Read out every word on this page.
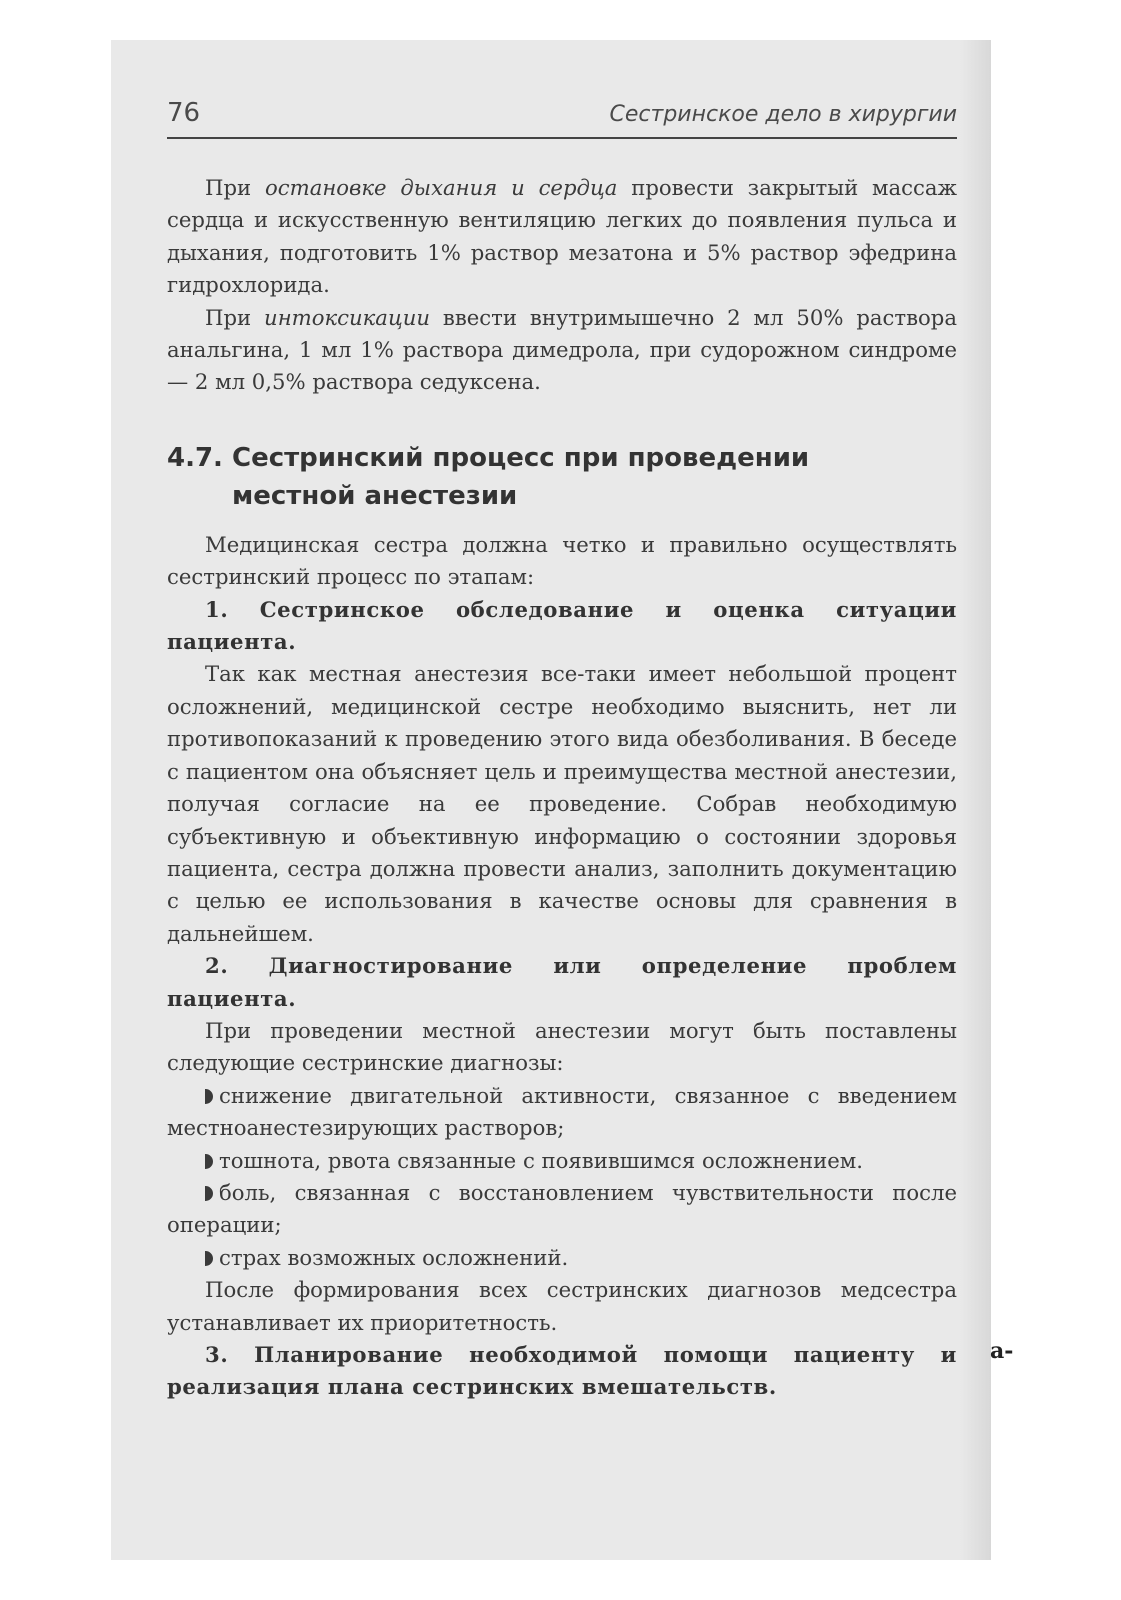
76	Сестринское дело в хирургии

При остановке дыхания и сердца провести закрытый массаж сердца и искусственную вентиляцию легких до появления пульса и дыхания, подготовить 1% раствор мезатона и 5% раствор эфедрина гидрохлорида.

При интоксикации ввести внутримышечно 2 мл 50% раствора анальгина, 1 мл 1% раствора димедрола, при судорожном синдроме — 2 мл 0,5% раствора седуксена.

4.7. Сестринский процесс при проведении
местной анестезии

Медицинская сестра должна четко и правильно осуществлять сестринский процесс по этапам:

1. Сестринское обследование и оценка ситуации пациента.

Так как местная анестезия все-таки имеет небольшой процент осложнений, медицинской сестре необходимо выяснить, нет ли противопоказаний к проведению этого вида обезболивания. В беседе с пациентом она объясняет цель и преимущества местной анестезии, получая согласие на ее проведение. Собрав необходимую субъективную и объективную информацию о состоянии здоровья пациента, сестра должна провести анализ, заполнить документацию с целью ее использования в качестве основы для сравнения в дальнейшем.

2. Диагностирование или определение проблем пациента.

При проведении местной анестезии могут быть поставлены следующие сестринские диагнозы:

снижение двигательной активности, связанное с введением местноанестезирующих растворов;

тошнота, рвота связанные с появившимся осложнением.

боль, связанная с восстановлением чувствительности после операции;

страх возможных осложнений.

После формирования всех сестринских диагнозов медсестра устанавливает их приоритетность.

3. Планирование необходимой помощи пациенту и реализация плана сестринских вмешательств.

а-
